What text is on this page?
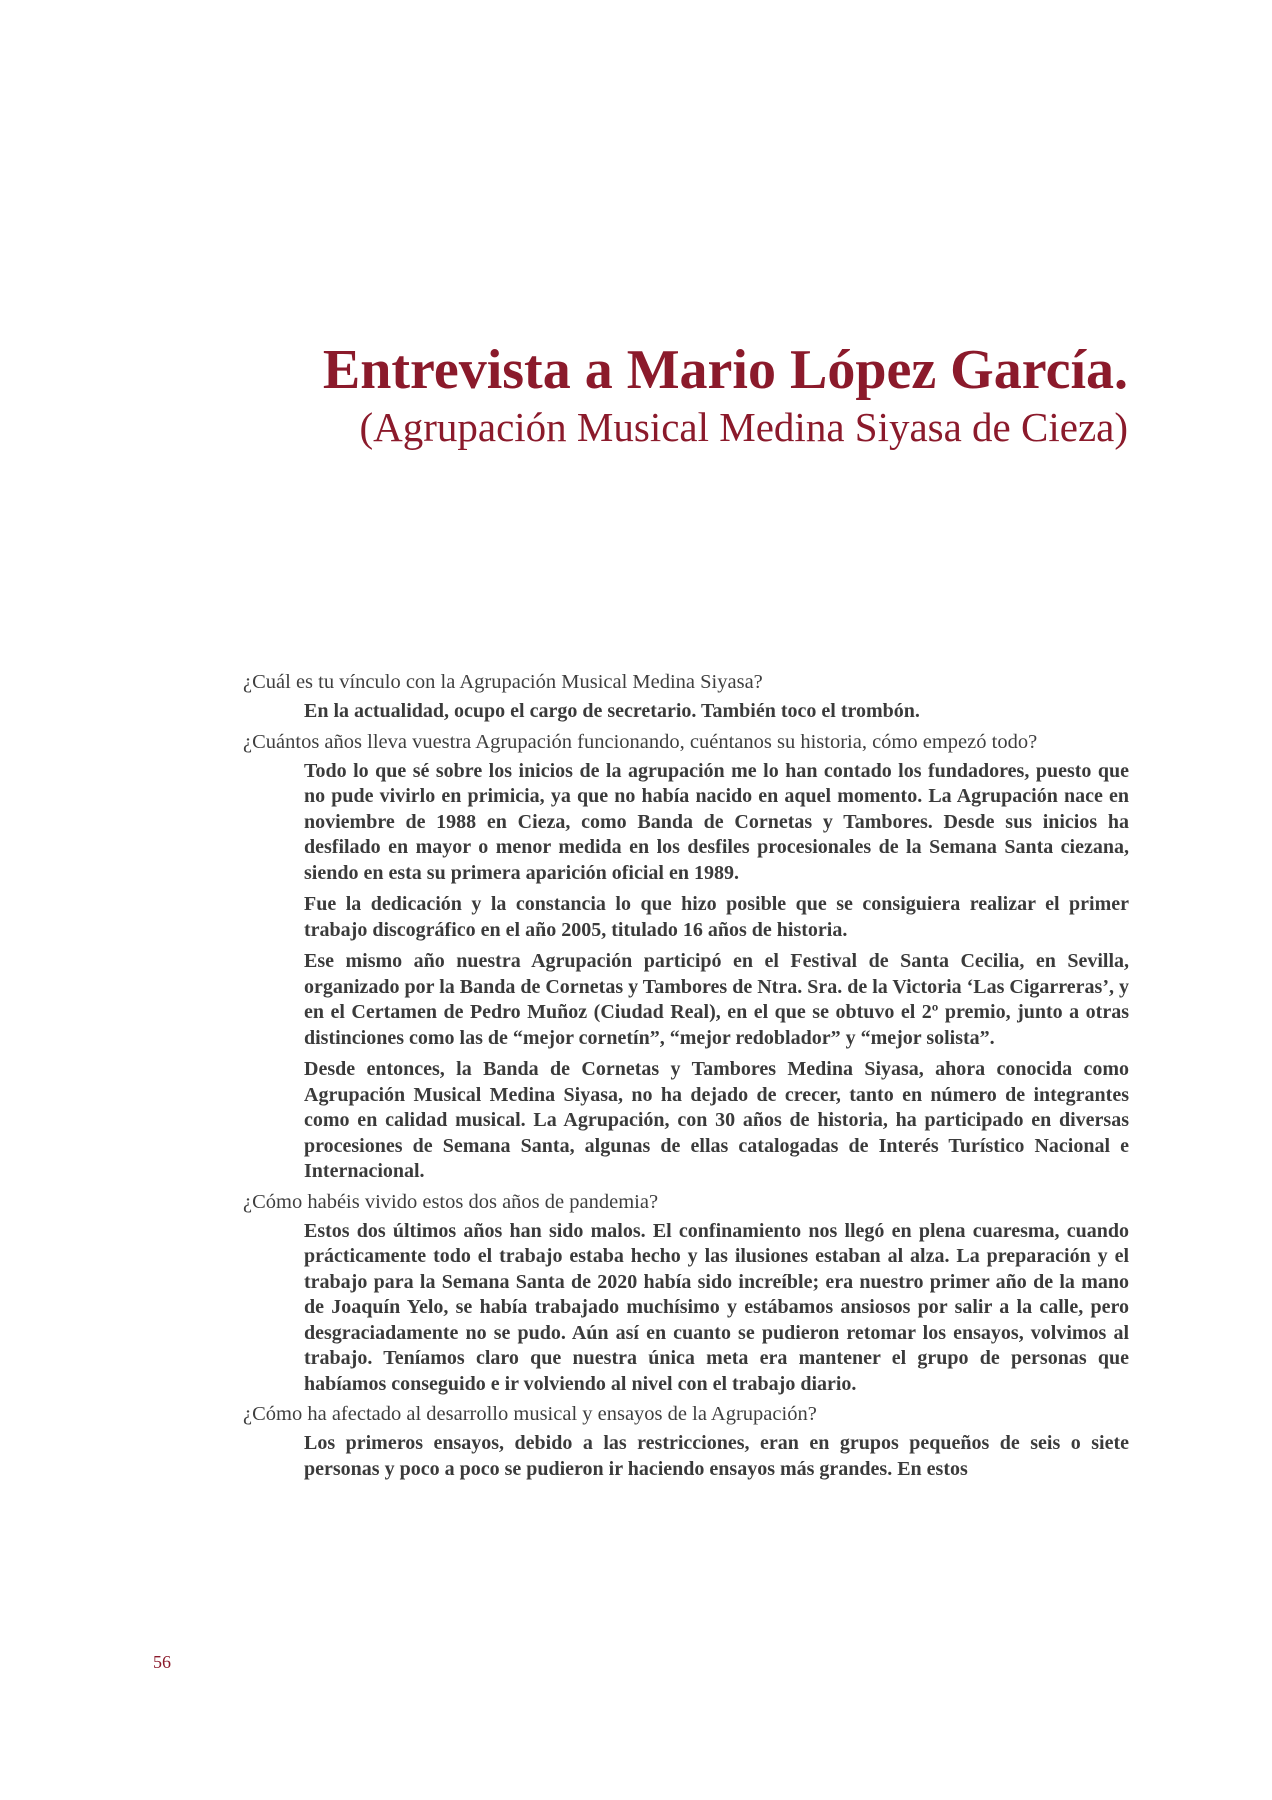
Entrevista a Mario López García.
(Agrupación Musical Medina Siyasa de Cieza)

¿Cuál es tu vínculo con la Agrupación Musical Medina Siyasa?

En la actualidad, ocupo el cargo de secretario. También toco el trombón.

¿Cuántos años lleva vuestra Agrupación funcionando, cuéntanos su historia, cómo empezó todo?

Todo lo que sé sobre los inicios de la agrupación me lo han contado los fundadores, puesto que no pude vivirlo en primicia, ya que no había nacido en aquel momento. La Agrupación nace en noviembre de 1988 en Cieza, como Banda de Cornetas y Tambores. Desde sus inicios ha desfilado en mayor o menor medida en los desfiles procesionales de la Semana Santa ciezana, siendo en esta su primera aparición oficial en 1989.

Fue la dedicación y la constancia lo que hizo posible que se consiguiera realizar el primer trabajo discográfico en el año 2005, titulado 16 años de historia.

Ese mismo año nuestra Agrupación participó en el Festival de Santa Cecilia, en Sevilla, organizado por la Banda de Cornetas y Tambores de Ntra. Sra. de la Victoria ‘Las Cigarreras’, y en el Certamen de Pedro Muñoz (Ciudad Real), en el que se obtuvo el 2º premio, junto a otras distinciones como las de “mejor cornetín”, “mejor redoblador” y “mejor solista”.

Desde entonces, la Banda de Cornetas y Tambores Medina Siyasa, ahora conocida como Agrupación Musical Medina Siyasa, no ha dejado de crecer, tanto en número de integrantes como en calidad musical. La Agrupación, con 30 años de historia, ha participado en diversas procesiones de Semana Santa, algunas de ellas catalogadas de Interés Turístico Nacional e Internacional.

¿Cómo habéis vivido estos dos años de pandemia?

Estos dos últimos años han sido malos. El confinamiento nos llegó en plena cuaresma, cuando prácticamente todo el trabajo estaba hecho y las ilusiones estaban al alza. La preparación y el trabajo para la Semana Santa de 2020 había sido increíble; era nuestro primer año de la mano de Joaquín Yelo, se había trabajado muchísimo y estábamos ansiosos por salir a la calle, pero desgraciadamente no se pudo. Aún así en cuanto se pudieron retomar los ensayos, volvimos al trabajo. Teníamos claro que nuestra única meta era mantener el grupo de personas que habíamos conseguido e ir volviendo al nivel con el trabajo diario.

¿Cómo ha afectado al desarrollo musical y ensayos de la Agrupación?

Los primeros ensayos, debido a las restricciones, eran en grupos pequeños de seis o siete personas y poco a poco se pudieron ir haciendo ensayos más grandes. En estos

56
